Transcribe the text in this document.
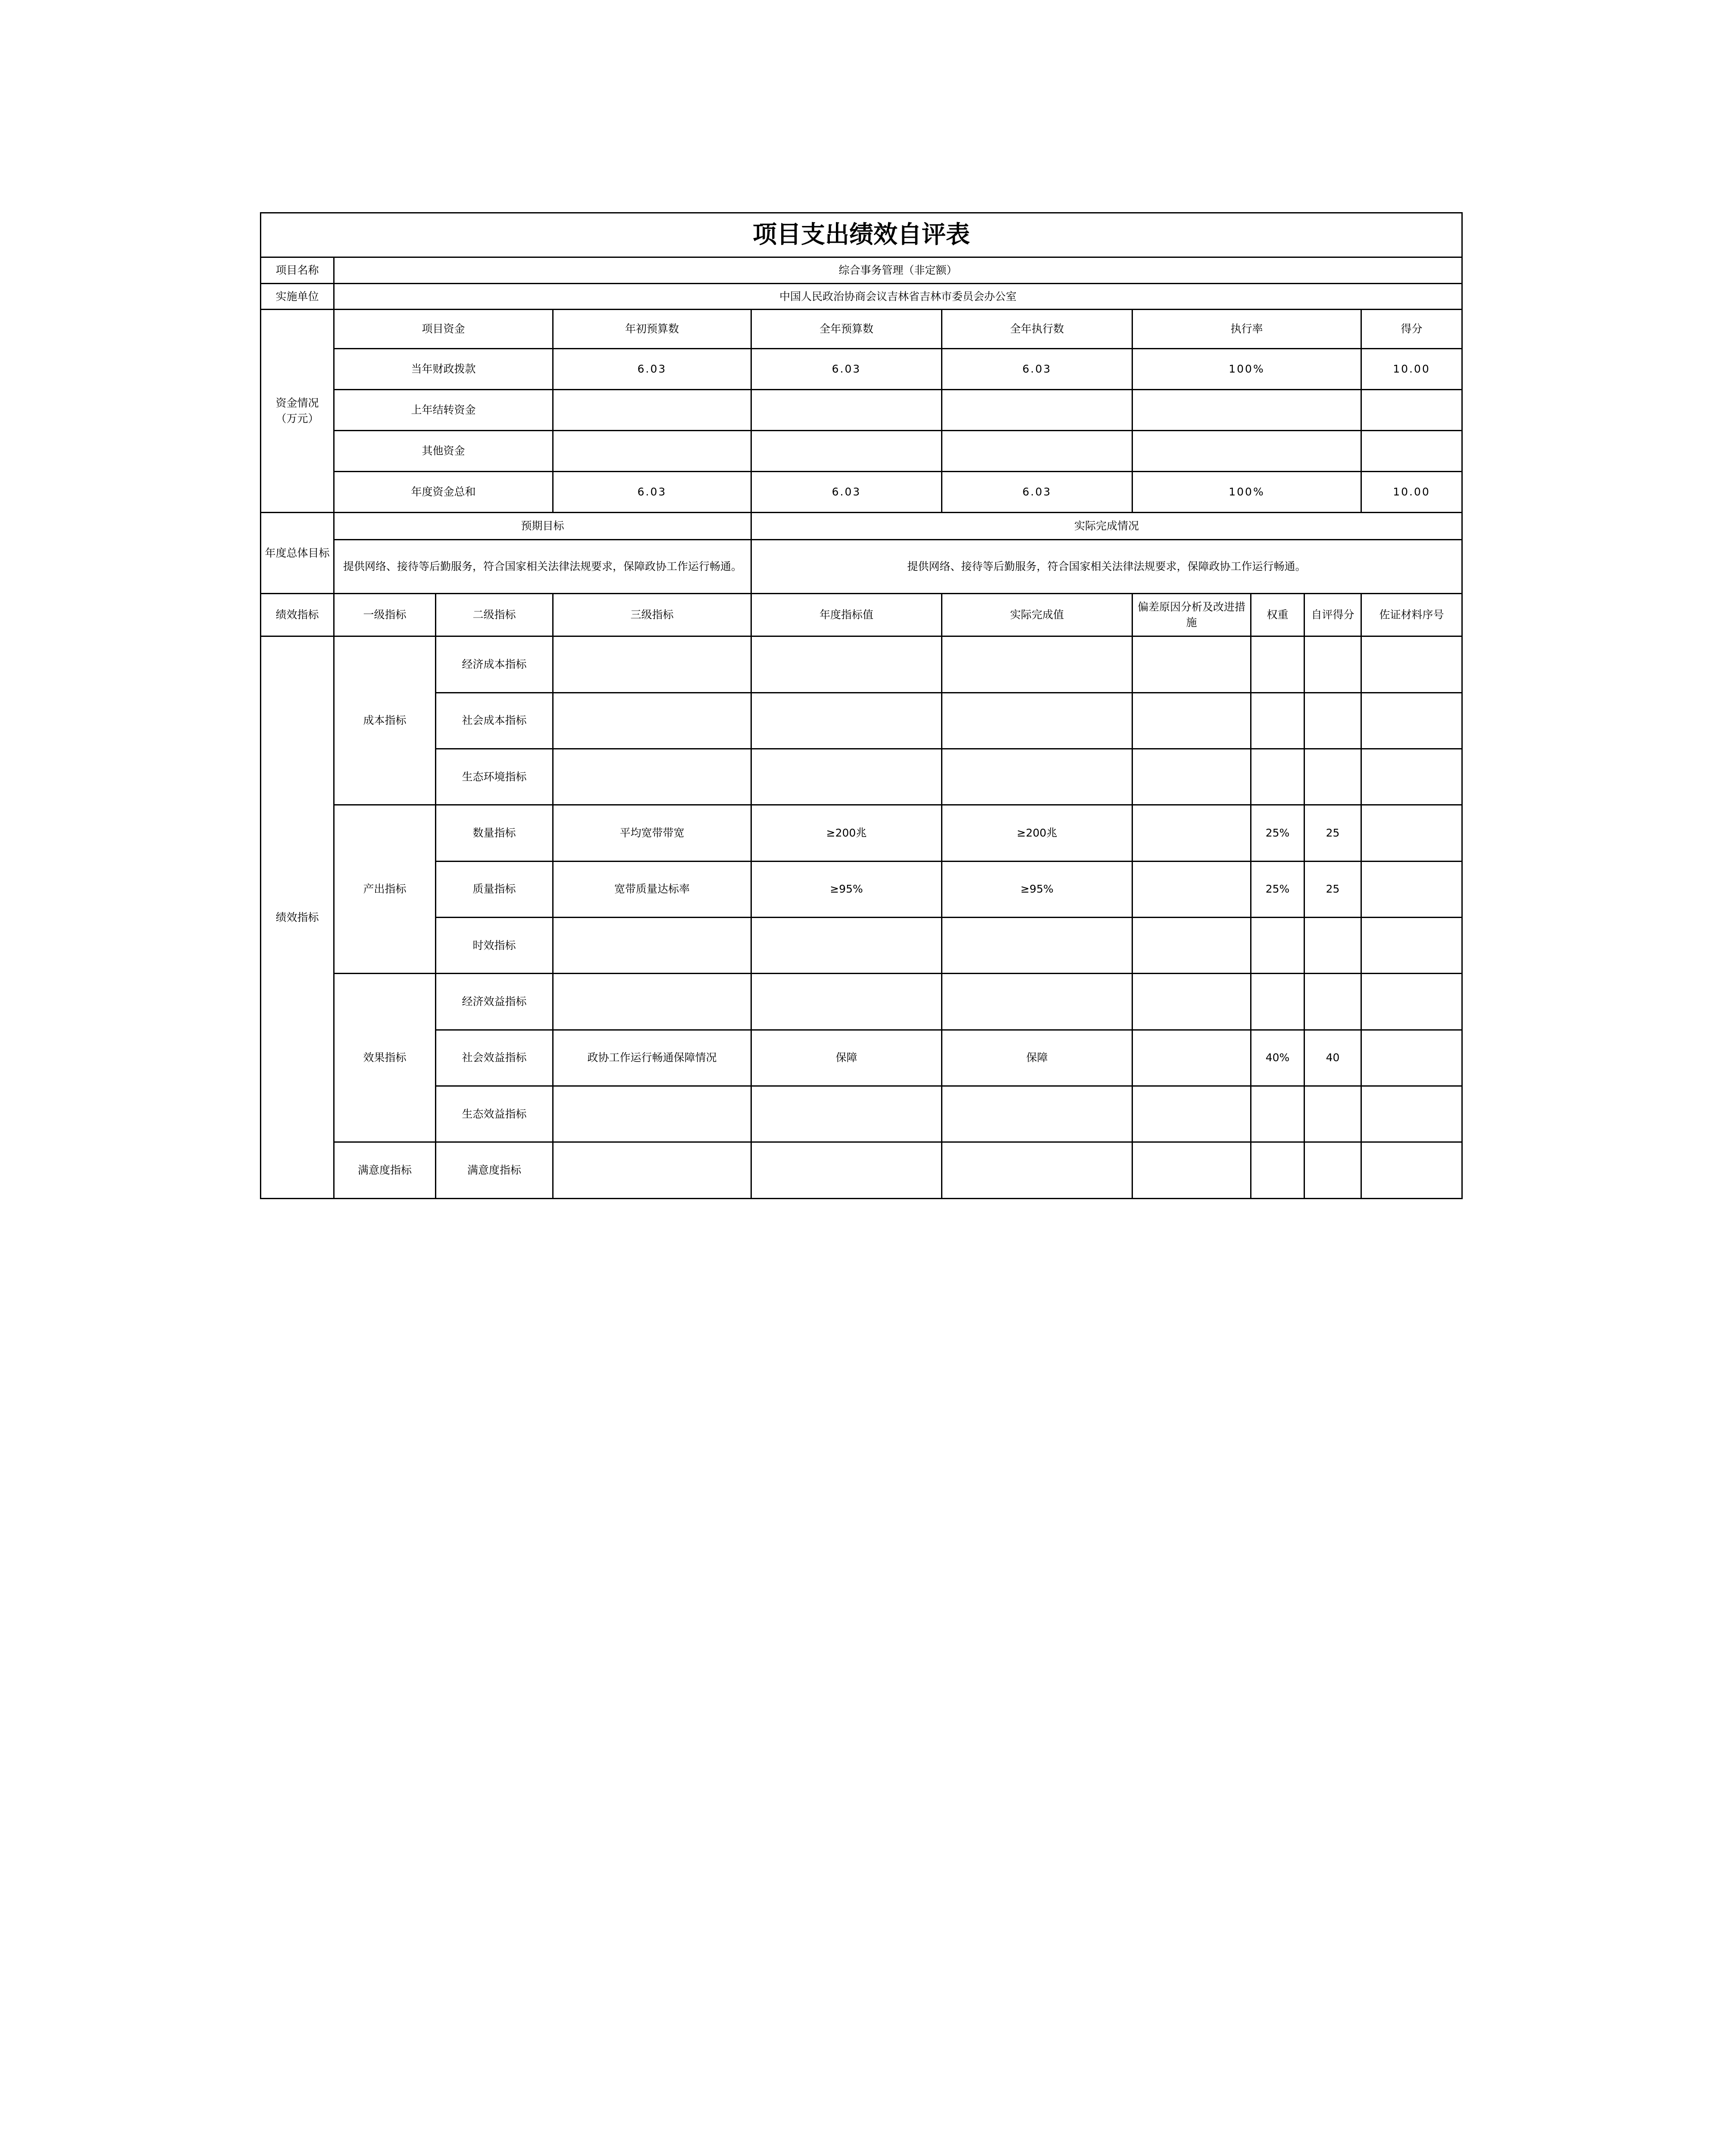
项目支出绩效自评表									
项目名称	综合事务管理（非定额）								
实施单位	中国人民政治协商会议吉林省吉林市委员会办公室								
资金情况
（万元）	项目资金		年初预算数	全年预算数	全年执行数	执行率			得分
	当年财政拨款		6.03	6.03	6.03	100%			10.00
	上年结转资金								
	其他资金								
	年度资金总和		6.03	6.03	6.03	100%			10.00
年度总体目标	预期目标			实际完成情况					
	提供网络、接待等后勤服务，符合国家相关法律法规要求，保障政协工作运行畅通。			提供网络、接待等后勤服务，符合国家相关法律法规要求，保障政协工作运行畅通。					
绩效指标	一级指标	二级指标	三级指标	年度指标值	实际完成值	偏差原因分析及改进措施	权重	自评得分	佐证材料序号
绩效指标	成本指标	经济成本指标							
		社会成本指标							
		生态环境指标							
	产出指标	数量指标	平均宽带带宽	≥200兆	≥200兆		25%	25	
		质量指标	宽带质量达标率	≥95%	≥95%		25%	25	
		时效指标							
	效果指标	经济效益指标							
		社会效益指标	政协工作运行畅通保障情况	保障	保障		40%	40	
		生态效益指标							
	满意度指标	满意度指标							
